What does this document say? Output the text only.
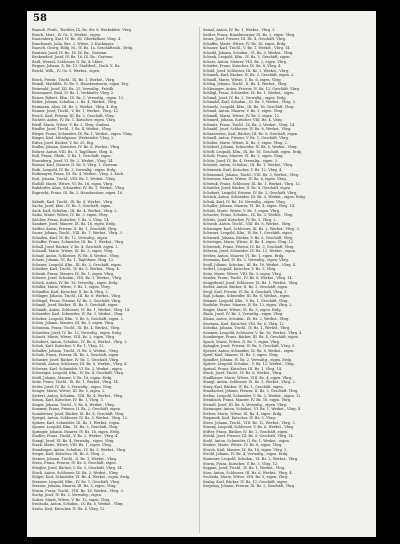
58
Rausch, Ferdi., Tischler, IX. Bz. Str. 8, Werkstätte. Vbrg.
Rauch, Mart., IV. Gz. 5, Werkst., eigen.
Rautenberg, Karl, IV. Bz. 3b, Oberkellner, Vbrg. 4.
Rauchsnab, Julia, Bez. 2, Witwe, 3. Kuchinger.
Rausch, Georg, Hdlg. M., IV. Bz. 1a, Geschäftsinh., Erdg.
Rautner, Josef, IV. Bz. 16, IX. Bz., Gartenn.
Reckendorf, Josef, IV. Bz. 16, IX. Bz., Gartenn.
Redl, Wenzel, Schlosser, II. Bz. 4, Lkbrs.
Regner, Johann, X. Bz. 13, Stadtbed., Dach. X. Bz.
Reichl, Wilh., IV. Gz. 5, Werkst., eigen.
Reich, Friedr., Tischl., IX. Bz. 1, Werkst., Vbrg.
Reindl, Mathilde, IV. Bz. 5, Hausbesitzerin, eigen. Erg.
Reinwald, Josef, XII. Bz. 21, Verwaltg., Friedh.
Reisenauer, Emil, IV. Bz. 1, Verkäufer, Vbrg. 2.
Reiser, Robert, Kfm., IX. Bz. 1, Verwaltg., eigen. 13.
Reiter, Johann, Schuhm., I. Bz. 4, Werkst., Vbrg.
Reitmann, Alois, III. Bz. 3, Werkst., Vbrg. 4. Erg.
Renner, Josef, Tischl., V. Bz. 1, Werkst., Vbrg. 12.
Resch, Karl, Friseur, III. Bz. 2, Geschäft, Vbrg.
Richter, Anton, IV. Bz. 1, Kutscher, eigen. Vbrg.
Riedl, Marie, Witwe, V. Bz. 3, Vbrg. Graben.
Riedler, Josef, Tischl., I. Bz. 4, Werkst., Vbrg.
Rieger, Franz, Schneider, IX. Bz. 1, Werkst., eigen. Vbrg.
Ringer, Karl, Mittelgasse, Werkstätte, Vbrg. 2.
Ritter, Josef, Bäcker, V. Bz. 20. Erg.
Rodler, Johann, Kutscher, IV. Bz. 8, Werkst., Vbrg.
Rohrer, Anton, VIII. Bz. 3, Taglöhner, Vbrg. 4.
Roll, Franz, Obsth., V. Bz. 1, Geschäft, eigen.
Rosenberg, Josef, VI. Bz. 2, Werkst., Vbrg. 14.
Rosner, Karl, Maurer, II. Bz. 5, Vbrg. 1. Gartenn.
Roth, Leopold, IV. Bz. 3, Verwaltg., eigen. Erdg.
Rothmayer, Franz, III. Bz. 4, Werkst., Vbrg. 3. Kuch.
Rott, Johann, Tischl., VIII. Bz. 1, Werkst., Vbrg.
Rudolf, Marie, Witwe, VI. Bz. 16, eigen. Vbrg.
Ruhdorfer, Alois, Schneider, IV. Bz. 1, Werkst., Vbrg.
Ruprecht, Franz, IX. Bz. 2, Hausbesitzer, eigen. 16.
Sabath, Karl, Tischl., IX. Bz. 6, Werkst., Vbrg.
Sachs, Josef, Kfm., IV. Bz. 5, Geschäft, eigen.
Sack, Karl, Schuhm., III. Bz. 4, Werkst., Vbrg. 2.
Saiko, Marie, Witwe, IV. Bz. 3, eigen. Vbrg.
Salcher, Franz, Kutscher, V. Bz. 2, Vbrg. 14.
Sandner, Josef, Maurer, IX. Bz. 16, eigen. Erdg.
Sattler, Anton, Friseur, II. Bz. 1, Geschäft, Vbrg.
Sauer, Johann, Tischl., VIII. Bz. 7, Werkst., Vbrg. 3.
Schaden, Karl, IV. Bz. 12, Verwaltg., eigen.
Schaffer, Franz, Schneider, III. Bz. 1, Werkst., Vbrg.
Schall, Josef, Bäcker, V. Bz. 4, Geschäft, eigen. 2.
Schandl, Marie, Witwe, IX. Bz. 3, eigen. Vbrg.
Scharf, Anton, Schlosser, IV. Bz. 8, Werkst., Vbrg.
Schatz, Johann, VI. Bz. 1, Taglöhner, Vbrg. 12.
Schauer, Leopold, Kfm., III. Bz. 2, Geschäft, eigen.
Scheiber, Karl, Tischl., IV. Bz. 5, Werkst., Vbrg. 4.
Schenk, Franz, Maurer, IX. Bz. 1, eigen. Vbrg.
Scherer, Josef, Schuhm., VIII. Bz. 3, Werkst., Vbrg.
Schick, Anton, IV. Bz. 16, Verwaltg., eigen. Erdg.
Schiller, Marie, Witwe, V. Bz. 1, eigen. Vbrg.
Schindler, Karl, Kutscher, II. Bz. 4, Vbrg. 3.
Schlager, Johann, Tischl., III. Bz. 6, Werkst., Vbrg.
Schlegel, Franz, Friseur, IV. Bz. 2, Geschäft, Vbrg.
Schmid, Josef, Bäcker, IX. Bz. 5, Geschäft, eigen.
Schmidt, Anton, Schlosser, VI. Bz. 1, Werkst., Vbrg. 14.
Schneider, Karl, Schneider, IV. Bz. 3, Werkst., Vbrg.
Schober, Leopold, Kfm., V. Bz. 8, Geschäft, eigen. 2.
Schön, Johann, Maurer, III. Bz. 1, eigen. Vbrg.
Schramm, Franz, Tischl., IX. Bz. 4, Werkst., Vbrg.
Schreiber, Josef, IV. Bz. 12, Verwaltg., eigen. Erdg.
Schrott, Marie, Witwe, VIII. Bz. 2, eigen. Vbrg.
Schubert, Anton, Schuhm., IV. Bz. 6, Werkst., Vbrg. 3.
Schuh, Karl, Kutscher, V. Bz. 1, Vbrg. 12.
Schuller, Johann, Tischl., II. Bz. 5, Werkst., Vbrg.
Schulz, Franz, Friseur, IX. Bz. 3, Geschäft, eigen.
Schuster, Josef, Bäcker, IV. Bz. 1, Geschäft, Vbrg.
Schwab, Anton, Schlosser, III. Bz. 8, Werkst., Vbrg. 4.
Schwarz, Karl, Schneider, VI. Bz. 2, Werkst., eigen.
Schweiger, Leopold, Kfm., IV. Bz. 4, Geschäft, Vbrg.
Seidl, Johann, Maurer, V. Bz. 16, eigen. Erdg.
Seitz, Franz, Tischl., IX. Bz. 1, Werkst., Vbrg. 14.
Seiler, Josef, IV. Bz. 3, Verwaltg., eigen. Vbrg.
Senger, Marie, Witwe, III. Bz. 5, eigen. 2.
Siebert, Anton, Schuhm., VIII. Bz. 4, Werkst., Vbrg.
Simon, Karl, Kutscher, IV. Bz. 1, Vbrg. 3.
Singer, Johann, Tischl., V. Bz. 6, Werkst., Vbrg.
Sommer, Franz, Friseur, II. Bz. 2, Geschäft, eigen.
Sonnleitner, Josef, Bäcker, IX. Bz. 8, Geschäft, Vbrg.
Spiegel, Anton, Schlosser, IV. Bz. 5, Werkst., Vbrg. 12.
Spitzer, Karl, Schneider, III. Bz. 1, Werkst., eigen.
Sponer, Leopold, Kfm., VI. Bz. 3, Geschäft, Vbrg.
Springer, Johann, Maurer, IV. Bz. 16, eigen. Erdg.
Stadler, Franz, Tischl., V. Bz. 2, Werkst., Vbrg. 4.
Stangl, Josef, IX. Bz. 4, Verwaltg., eigen. Vbrg.
Stark, Marie, Witwe, VIII. Bz. 1, eigen. Vbrg.
Staudinger, Anton, Schuhm., IV. Bz. 3, Werkst., Vbrg.
Steger, Karl, Kutscher, III. Bz. 6, Vbrg. 2.
Steiner, Johann, Tischl., II. Bz. 1, Werkst., Vbrg.
Stern, Franz, Friseur, IV. Bz. 8, Geschäft, eigen.
Stiegler, Josef, Bäcker, V. Bz. 5, Geschäft, Vbrg. 14.
Stock, Anton, Schlosser, IX. Bz. 2, Werkst., Vbrg.
Stöger, Karl, Schneider, VI. Bz. 4, Werkst., eigen. Erdg.
Strasser, Leopold, Kfm., IV. Bz. 1, Geschäft, Vbrg.
Strauss, Johann, Maurer, III. Bz. 3, eigen. Vbrg.
Sturm, Franz, Tischl., VIII. Bz. 16, Werkst., Vbrg. 3.
Suchy, Josef, IV. Bz. 2, Verwaltg., eigen.
Sulzer, Marie, Witwe, V. Bz. 12, eigen. Vbrg.
Swoboda, Anton, Schuhm., IX. Bz. 6, Werkst., Vbrg.
Szabo, Karl, Kutscher, IV. Bz. 4, Vbrg. 12.
Samal, Anton, IV. Bz. 1, Werkst., Vbrg. 3.
Sattler, Franz, Hausbesorger, IX. Bz. 2, eigen. Vbrg.
Sauer, Josef, Friseur, III. Bz. 4, Geschäft, Vbrg.
Schaffer, Marie, Witwe, IV. Bz. 16, eigen. Erdg.
Schauer, Karl, Tischl., V. Bz. 1, Werkst., Vbrg. 14.
Scheibl, Johann, Schuhm., VI. Bz. 3, Werkst., Vbrg.
Schenk, Leopold, Kfm., IV. Bz. 5, Geschäft, eigen.
Scherz, Anton, Maurer, VIII. Bz. 2, eigen. Vbrg.
Schiefer, Franz, Kutscher, IX. Bz. 8, Vbrg. 4.
Schild, Josef, Schlosser, III. Bz. 1, Werkst., Vbrg.
Schimek, Karl, Bäcker, IV. Bz. 3, Geschäft, eigen. 2.
Schindl, Marie, Witwe, V. Bz. 6, eigen. Vbrg.
Schlag, Johann, Tischl., II. Bz. 4, Werkst., Vbrg.
Schlesinger, Anton, Friseur, IV. Bz. 12, Geschäft, Vbrg.
Schlögl, Franz, Schneider, IX. Bz. 1, Werkst., eigen.
Schmal, Josef, IV. Bz. 2, Verwaltg., eigen. Erdg.
Schmalzl, Karl, Schuhm., VI. Bz. 5, Werkst., Vbrg. 3.
Schmelz, Leopold, Kfm., III. Bz. 16, Geschäft, Vbrg.
Schmid, Anton, Maurer, V. Bz. 3, eigen. Vbrg.
Schmidl, Marie, Witwe, IV. Bz. 1, eigen. 12.
Schmied, Johann, Kutscher, VIII. Bz. 4, Vbrg.
Schmitz, Franz, Tischl., IX. Bz. 2, Werkst., Vbrg. 14.
Schnabl, Josef, Schlosser, IV. Bz. 8, Werkst., Vbrg.
Schneeweiss, Karl, Bäcker, III. Bz. 6, Geschäft, eigen.
Schnell, Anton, Friseur, V. Bz. 1, Geschäft, Vbrg.
Schober, Marie, Witwe, II. Bz. 3, eigen. Vbrg. 2.
Schöberl, Johann, Schneider, IV. Bz. 5, Werkst., Vbrg.
Schöfl, Leopold, Kfm., IX. Bz. 16, Geschäft, eigen. Erdg.
Scholz, Franz, Maurer, VI. Bz. 2, eigen. Vbrg.
Schön, Josef, IV. Bz. 4, Verwaltg., eigen. 3.
Schöner, Anton, Schuhm., III. Bz. 1, Werkst., Vbrg.
Schramek, Karl, Kutscher, V. Bz. 12, Vbrg. 4.
Schrammel, Johann, Tischl., VIII. Bz. 3, Werkst., Vbrg.
Schreiner, Marie, Witwe, IV. Bz. 6, eigen. Vbrg.
Schrenk, Franz, Schlosser, IX. Bz. 1, Werkst., Vbrg. 12.
Schröder, Josef, Bäcker, II. Bz. 8, Geschäft, eigen.
Schubert, Leopold, Friseur, IV. Bz. 2, Geschäft, Vbrg.
Schück, Anton, Schneider, III. Bz. 5, Werkst., eigen. Erdg.
Schuh, Karl, IV. Bz. 16, Verwaltg., eigen. Vbrg.
Schuller, Johann, Maurer, VI. Bz. 4, eigen. Vbrg. 14.
Schulz, Marie, Witwe, V. Bz. 1, eigen. Vbrg.
Schuster, Franz, Schuhm., IX. Bz. 3, Werkst., Vbrg.
Schütz, Josef, Kutscher, IV. Bz. 5, Vbrg. 2.
Schwab, Anton, Tischl., VIII. Bz. 8, Werkst., Vbrg.
Schwaiger, Karl, Schlosser, III. Bz. 2, Werkst., Vbrg. 3.
Schwarz, Leopold, Kfm., IV. Bz. 1, Geschäft, eigen.
Schwarzl, Johann, Bäcker, V. Bz. 6, Geschäft, Vbrg.
Schweiger, Marie, Witwe, II. Bz. 4, eigen. Vbrg. 12.
Schwendt, Franz, Friseur, IV. Bz. 3, Geschäft, Vbrg.
Sebesta, Josef, Schneider, IX. Bz. 12, Werkst., eigen.
Seeber, Anton, Maurer, VI. Bz. 1, eigen. Erdg.
Seemann, Karl, IV. Bz. 2, Verwaltg., eigen. Vbrg.
Seidl, Johann, Schuhm., III. Bz. 16, Werkst., Vbrg. 4.
Seifert, Leopold, Kutscher, V. Bz. 5, Vbrg.
Seitz, Marie, Witwe, VIII. Bz. 3, eigen. Vbrg.
Semler, Franz, Tischl., IV. Bz. 6, Werkst., Vbrg. 14.
Sengstbratl, Josef, Schlosser, IX. Bz. 1, Werkst., Vbrg.
Sieber, Anton, Bäcker, II. Bz. 2, Geschäft, eigen.
Siegl, Karl, Friseur, IV. Bz. 4, Geschäft, Vbrg. 3.
Sigl, Johann, Schneider, III. Bz. 8, Werkst., eigen.
Simmer, Leopold, Kfm., V. Bz. 1, Geschäft, Vbrg.
Sindelar, Franz, Maurer, IV. Bz. 12, eigen. Vbrg. 2.
Singer, Marie, Witwe, VI. Bz. 5, eigen. Erdg.
Skala, Josef, IV. Bz. 3, Verwaltg., eigen. Vbrg.
Slama, Anton, Schuhm., IX. Bz. 2, Werkst., Vbrg.
Smetana, Karl, Kutscher, VIII. Bz. 6, Vbrg. 12.
Sobotka, Johann, Tischl., IV. Bz. 1, Werkst., Vbrg.
Sommer, Leopold, Schlosser, V. Bz. 16, Werkst., Vbrg. 4.
Sonnberger, Franz, Bäcker, III. Bz. 4, Geschäft, eigen.
Spach, Marie, Witwe, II. Bz. 1, eigen. Vbrg.
Spängler, Josef, Friseur, IV. Bz. 5, Geschäft, Vbrg. 3.
Speiser, Anton, Schneider, IX. Bz. 8, Werkst., eigen.
Sperl, Karl, Maurer, VI. Bz. 3, eigen. Vbrg.
Spindler, Johann, IV. Bz. 2, Verwaltg., eigen. Erdg.
Spitzer, Leopold, Schuhm., V. Bz. 12, Werkst., Vbrg.
Sprinzl, Franz, Kutscher, III. Bz. 1, Vbrg. 14.
Stach, Josef, Tischl., IV. Bz. 6, Werkst., Vbrg.
Stadlbauer, Marie, Witwe, VIII. Bz. 4, eigen. Vbrg.
Stangl, Anton, Schlosser, IX. Bz. 5, Werkst., Vbrg. 2.
Stary, Karl, Bäcker, IV. Bz. 1, Geschäft, eigen.
Staudacher, Johann, Friseur, II. Bz. 3, Geschäft, Vbrg.
Stefan, Leopold, Schneider, V. Bz. 2, Werkst., eigen. 12.
Steinbach, Franz, Maurer, IV. Bz. 16, eigen. Vbrg.
Steindl, Josef, III. Bz. 8, Verwaltg., eigen. Vbrg.
Steininger, Anton, Schuhm., VI. Bz. 1, Werkst., Vbrg. 4.
Stelzer, Marie, Witwe, IX. Bz. 4, eigen. Erdg.
Stepanek, Karl, Kutscher, IV. Bz. 3, Vbrg.
Stern, Johann, Tischl., VIII. Bz. 12, Werkst., Vbrg. 3.
Stiasny, Leopold, Schlosser, V. Bz. 6, Werkst., Vbrg.
Stifter, Franz, Bäcker, IV. Bz. 2, Geschäft, eigen.
Stöckl, Josef, Friseur, III. Bz. 5, Geschäft, Vbrg. 14.
Stohl, Anton, Schneider, II. Bz. 1, Werkst., eigen.
Stoiber, Marie, Witwe, IV. Bz. 8, eigen. Vbrg.
Storch, Karl, Maurer, IX. Bz. 16, eigen. Vbrg. 2.
Strobl, Johann, IV. Bz. 4, Verwaltg., eigen. Erdg.
Stummer, Leopold, Schuhm., VI. Bz. 2, Werkst., Vbrg.
Sturm, Franz, Kutscher, V. Bz. 3, Vbrg. 12.
Suppan, Josef, Tischl., IV. Bz. 1, Werkst., Vbrg.
Süss, Anton, Schlosser, III. Bz. 6, Werkst., Vbrg. 4.
Svoboda, Marie, Witwe, VIII. Bz. 5, eigen. Vbrg.
Szalay, Karl, Bäcker, IV. Bz. 12, Geschäft, eigen.
Szepessy, Johann, Friseur, IX. Bz. 2, Geschäft, Vbrg.
